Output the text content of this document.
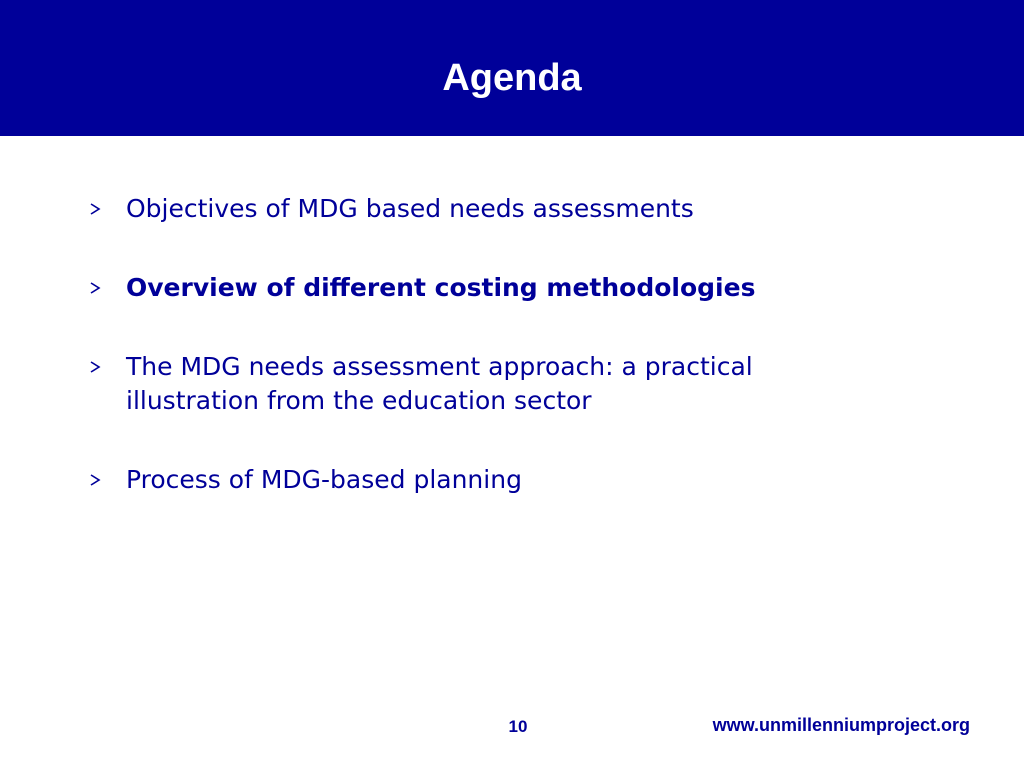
Agenda
Objectives of MDG based needs assessments
Overview of different costing methodologies
The MDG needs assessment approach: a practical illustration from the education sector
Process of MDG-based planning
10	www.unmillenniumproject.org
